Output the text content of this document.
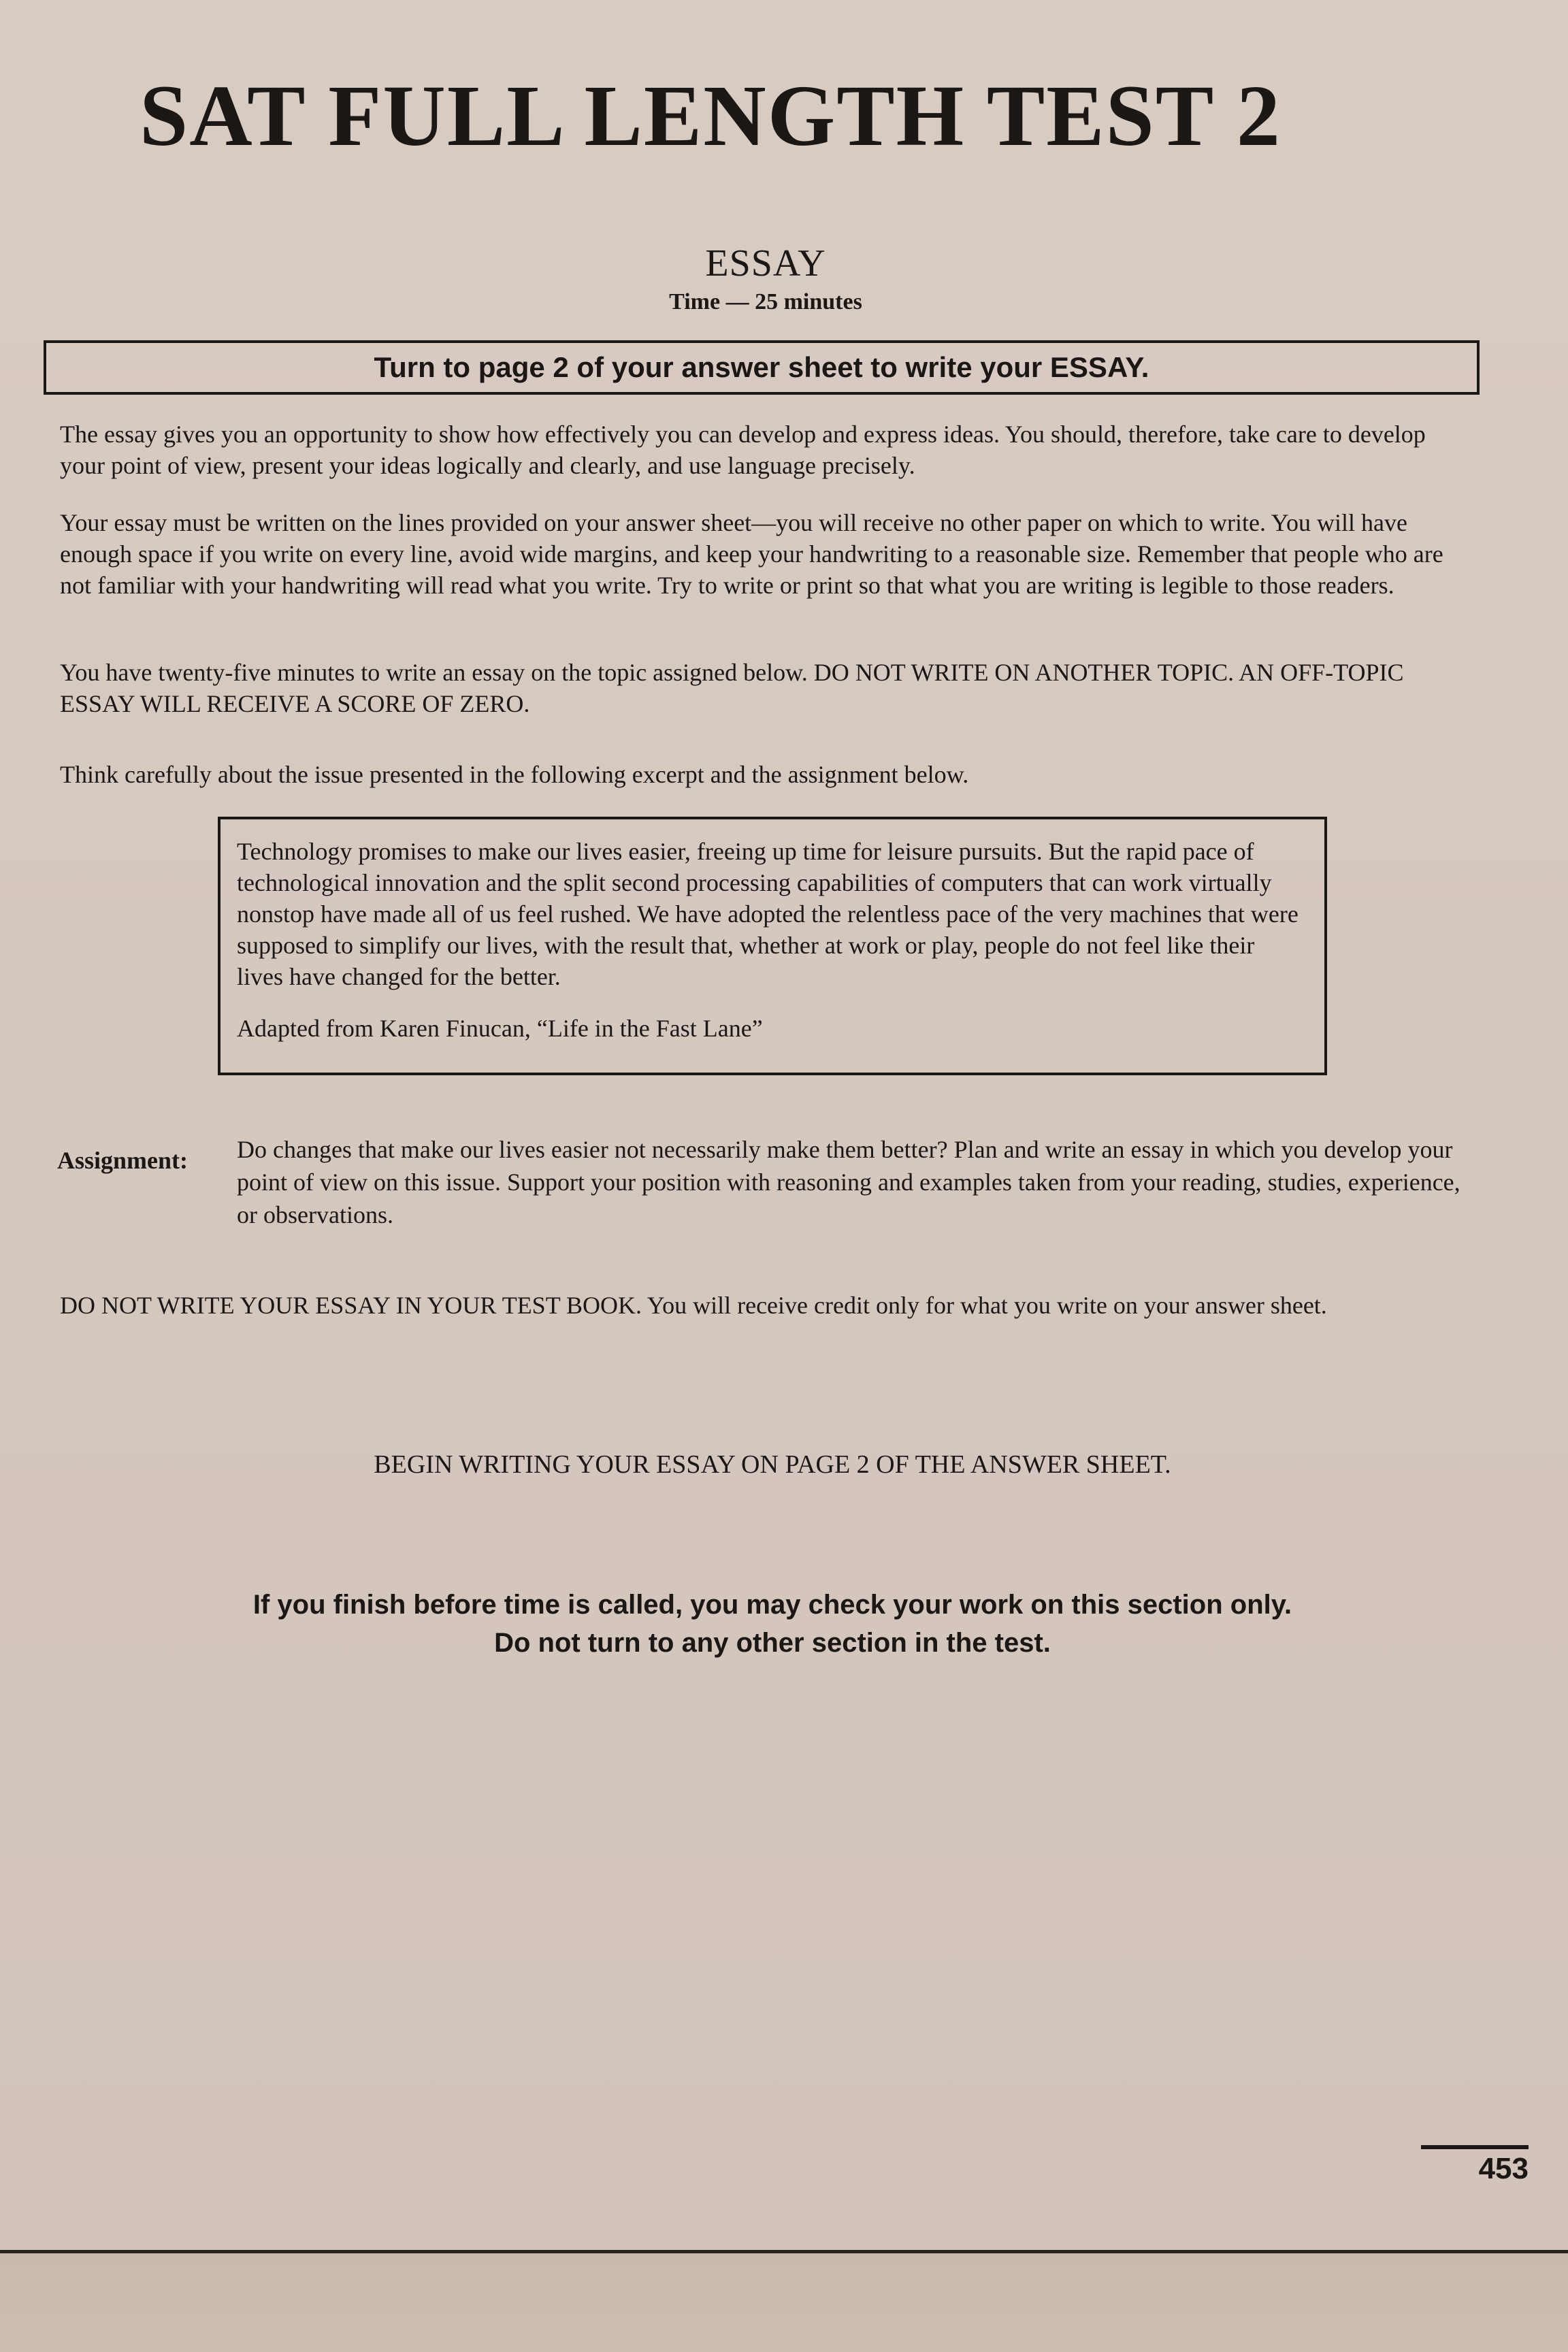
SAT FULL LENGTH TEST 2
ESSAY
Time — 25 minutes
Turn to page 2 of your answer sheet to write your ESSAY.

The essay gives you an opportunity to show how effectively you can develop and express ideas. You should, therefore, take care to develop your point of view, present your ideas logically and clearly, and use language precisely.

Your essay must be written on the lines provided on your answer sheet—you will receive no other paper on which to write. You will have enough space if you write on every line, avoid wide margins, and keep your handwriting to a reasonable size. Remember that people who are not familiar with your handwriting will read what you write. Try to write or print so that what you are writing is legible to those readers.

You have twenty-five minutes to write an essay on the topic assigned below. DO NOT WRITE ON ANOTHER TOPIC. AN OFF-TOPIC ESSAY WILL RECEIVE A SCORE OF ZERO.

Think carefully about the issue presented in the following excerpt and the assignment below.

Technology promises to make our lives easier, freeing up time for leisure pursuits. But the rapid pace of technological innovation and the split second processing capabilities of computers that can work virtually nonstop have made all of us feel rushed. We have adopted the relentless pace of the very machines that were supposed to simplify our lives, with the result that, whether at work or play, people do not feel like their lives have changed for the better.

Adapted from Karen Finucan, “Life in the Fast Lane”

Assignment: Do changes that make our lives easier not necessarily make them better? Plan and write an essay in which you develop your point of view on this issue. Support your position with reasoning and examples taken from your reading, studies, experience, or observations.

DO NOT WRITE YOUR ESSAY IN YOUR TEST BOOK. You will receive credit only for what you write on your answer sheet.

BEGIN WRITING YOUR ESSAY ON PAGE 2 OF THE ANSWER SHEET.
If you finish before time is called, you may check your work on this section only.
Do not turn to any other section in the test.
453
